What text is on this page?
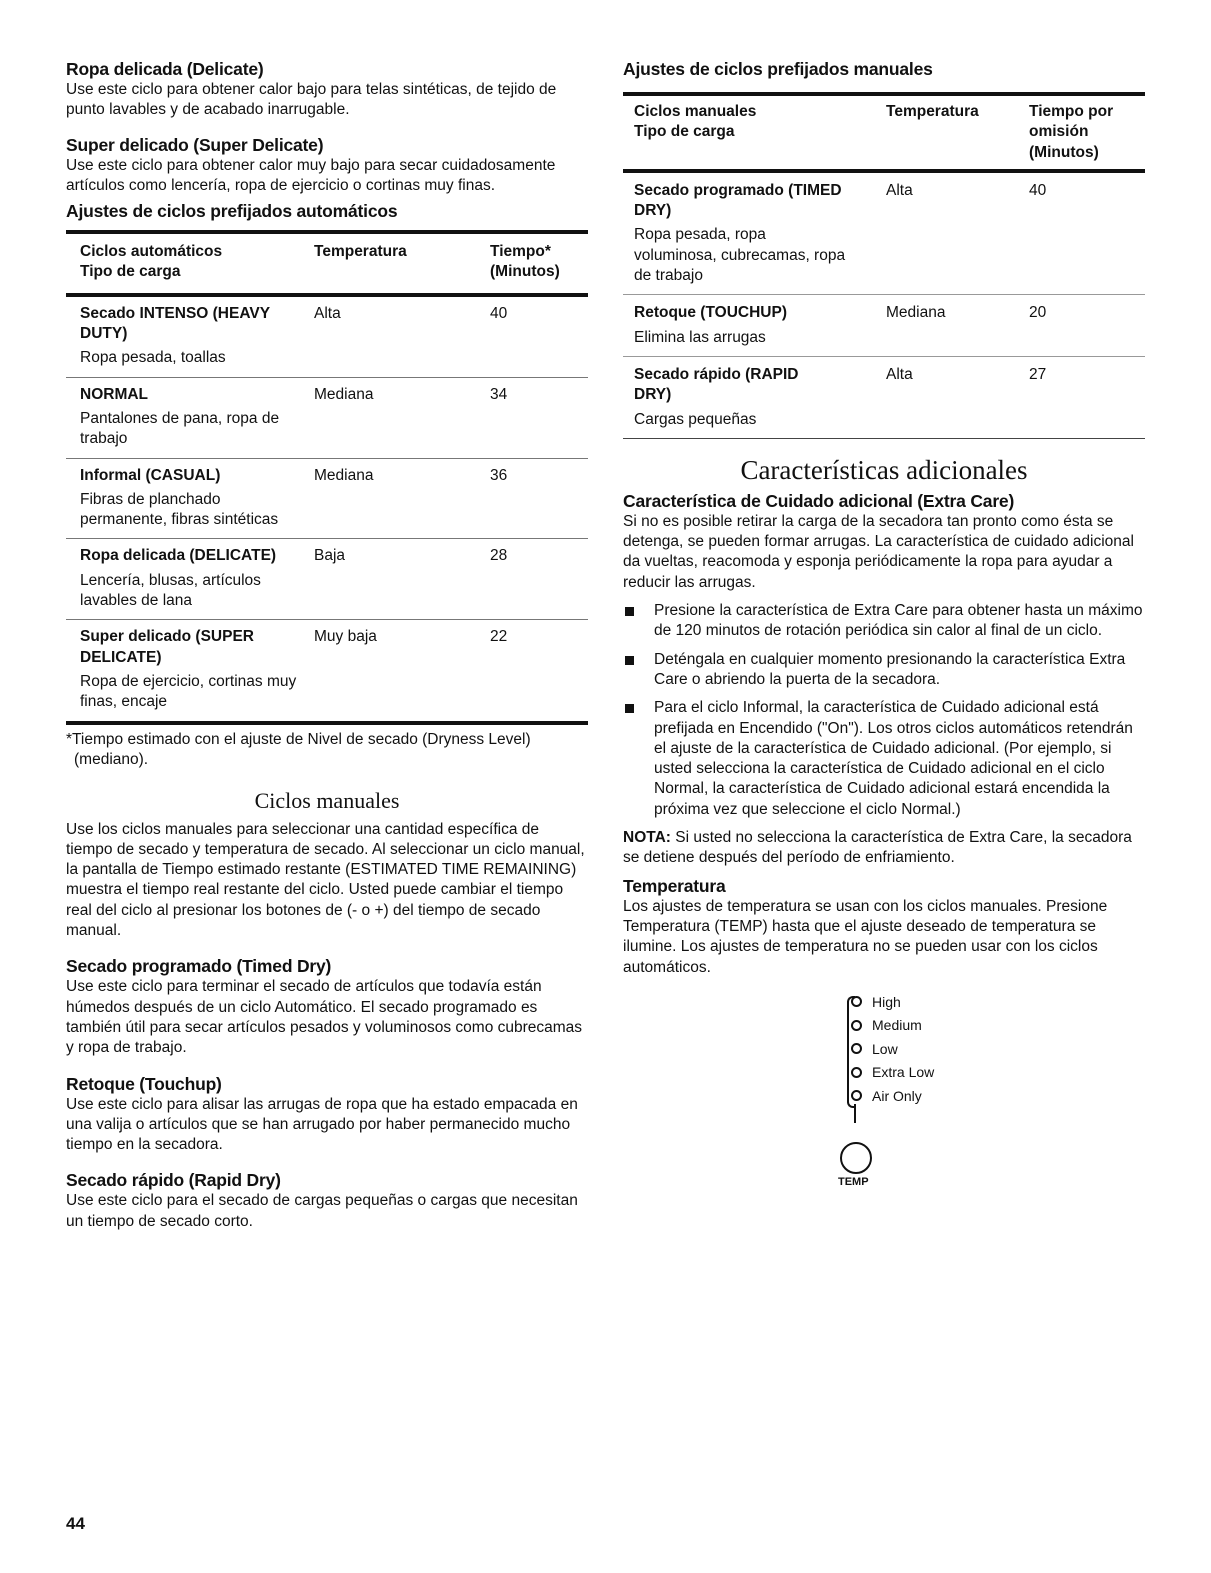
Ropa delicada (Delicate)

Use este ciclo para obtener calor bajo para telas sintéticas, de tejido de punto lavables y de acabado inarrugable.

Super delicado (Super Delicate)

Use este ciclo para obtener calor muy bajo para secar cuidadosamente artículos como lencería, ropa de ejercicio o cortinas muy finas.

Ajustes de ciclos prefijados automáticos
Ciclos automáticos
Tipo de carga	Temperatura	Tiempo*
(Minutos)

Secado INTENSO (HEAVY DUTY)
Ropa pesada, toallas	Alta	40

NORMAL
Pantalones de pana, ropa de trabajo	Mediana	34

Informal (CASUAL)
Fibras de planchado permanente, fibras sintéticas	Mediana	36

Ropa delicada (DELICATE)
Lencería, blusas, artículos lavables de lana	Baja	28

Super delicado (SUPER DELICATE)
Ropa de ejercicio, cortinas muy finas, encaje	Muy baja	22

*Tiempo estimado con el ajuste de Nivel de secado (Dryness Level) (mediano).

Ciclos manuales

Use los ciclos manuales para seleccionar una cantidad específica de tiempo de secado y temperatura de secado. Al seleccionar un ciclo manual, la pantalla de Tiempo estimado restante (ESTIMATED TIME REMAINING) muestra el tiempo real restante del ciclo. Usted puede cambiar el tiempo real del ciclo al presionar los botones de (- o +) del tiempo de secado manual.

Secado programado (Timed Dry)

Use este ciclo para terminar el secado de artículos que todavía están húmedos después de un ciclo Automático. El secado programado es también útil para secar artículos pesados y voluminosos como cubrecamas y ropa de trabajo.

Retoque (Touchup)

Use este ciclo para alisar las arrugas de ropa que ha estado empacada en una valija o artículos que se han arrugado por haber permanecido mucho tiempo en la secadora.

Secado rápido (Rapid Dry)

Use este ciclo para el secado de cargas pequeñas o cargas que necesitan un tiempo de secado corto.

Ajustes de ciclos prefijados manuales
Ciclos manuales
Tipo de carga	Temperatura	Tiempo por
omisión
(Minutos)

Secado programado (TIMED DRY)
Ropa pesada, ropa voluminosa, cubrecamas, ropa de trabajo	Alta	40

Retoque (TOUCHUP)
Elimina las arrugas	Mediana	20

Secado rápido (RAPID DRY)
Cargas pequeñas	Alta	27
Características adicionales
Característica de Cuidado adicional (Extra Care)

Si no es posible retirar la carga de la secadora tan pronto como ésta se detenga, se pueden formar arrugas. La característica de cuidado adicional da vueltas, reacomoda y esponja periódicamente la ropa para ayudar a reducir las arrugas.

Presione la característica de Extra Care para obtener hasta un máximo de 120 minutos de rotación periódica sin calor al final de un ciclo.
Deténgala en cualquier momento presionando la característica Extra Care o abriendo la puerta de la secadora.
Para el ciclo Informal, la característica de Cuidado adicional está prefijada en Encendido ("On"). Los otros ciclos automáticos retendrán el ajuste de la característica de Cuidado adicional. (Por ejemplo, si usted selecciona la característica de Cuidado adicional en el ciclo Normal, la característica de Cuidado adicional estará encendida la próxima vez que seleccione el ciclo Normal.)

NOTA: Si usted no selecciona la característica de Extra Care, la secadora se detiene después del período de enfriamiento.

Temperatura

Los ajustes de temperatura se usan con los ciclos manuales. Presione Temperatura (TEMP) hasta que el ajuste deseado de temperatura se ilumine. Los ajustes de temperatura no se pueden usar con los ciclos automáticos.

High
Medium
Low
Extra Low
Air Only
TEMP
44
